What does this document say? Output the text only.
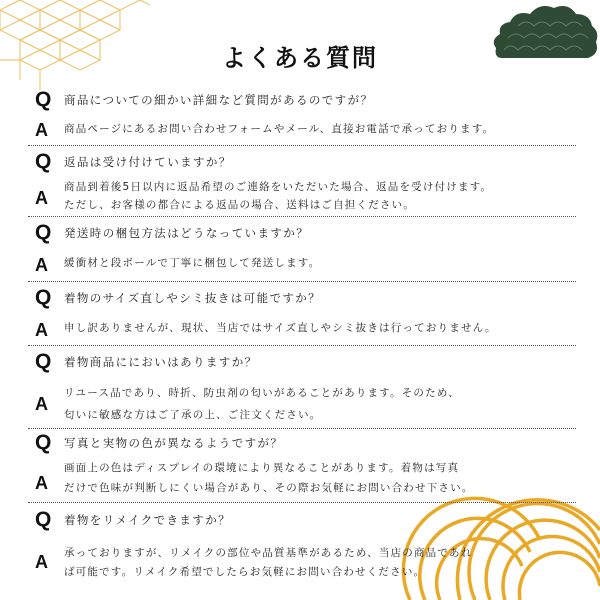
よくある質問
Q	商品についての細かい詳細など質問があるのですが？
A	商品ページにあるお問い合わせフォームやメール、直接お電話で承っております。
Q	返品は受け付けていますか？
A
商品到着後5日以内に返品希望のご連絡をいただいた場合、返品を受け付けます。
ただし、お客様の都合による返品の場合、送料はご自担ください。
Q	発送時の梱包方法はどうなっていますか？
A	緩衝材と段ボールで丁寧に梱包して発送します。
Q	着物のサイズ直しやシミ抜きは可能ですか？
A	申し訳ありませんが、現状、当店ではサイズ直しやシミ抜きは行っておりません。
Q	着物商品ににおいはありますか？
A
リユース品であり、時折、防虫剤の匂いがあることがあります。そのため、
匂いに敏感な方はご了承の上、ご注文ください。
Q	写真と実物の色が異なるようですが？
A
画面上の色はディスプレイの環境により異なることがあります。着物は写真
だけで色味が判断しにくい場合があり、その際お気軽にお問い合わせ下さい。
Q	着物をリメイクできますか？
A	承っておりますが、リメイクの部位や品質基準があるため、当店の商品であれ
ば可能です。リメイク希望でしたらお気軽にお問い合わせください。
